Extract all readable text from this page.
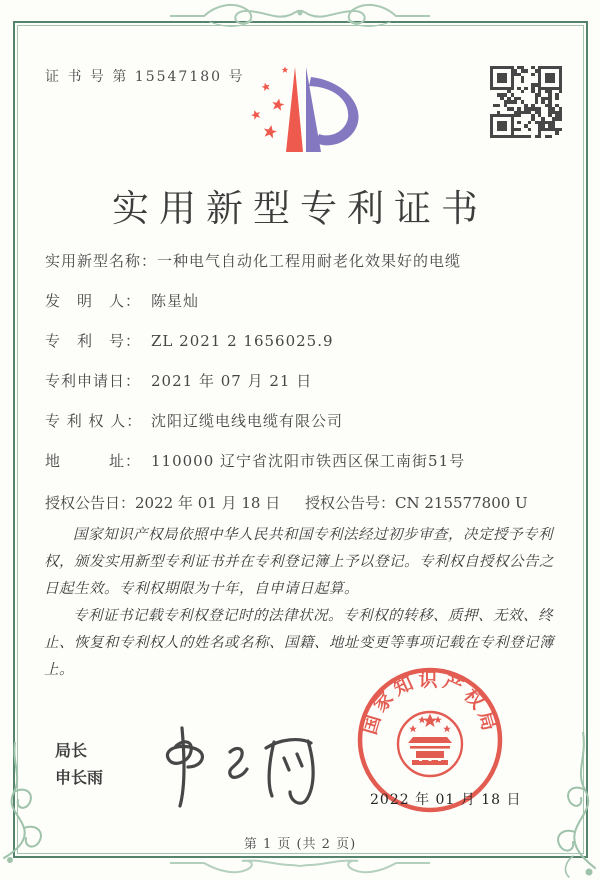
证 书 号 第 15547180 号
实用新型专利证书
实用新型名称：一种电气自动化工程用耐老化效果好的电缆
发　明　人： 陈星灿
专　利　号： ZL 2021 2 1656025.9
专利申请日： 2021 年 07 月 21 日
专 利 权 人： 沈阳辽缆电线电缆有限公司
地　　　址： 110000 辽宁省沈阳市铁西区保工南街51号
授权公告日：2022 年 01 月 18 日 授权公告号：CN 215577800 U

国家知识产权局依照中华人民共和国专利法经过初步审查，决定授予专利权，颁发实用新型专利证书并在专利登记簿上予以登记。专利权自授权公告之日起生效。专利权期限为十年，自申请日起算。

专利证书记载专利权登记时的法律状况。专利权的转移、质押、无效、终止、恢复和专利权人的姓名或名称、国籍、地址变更等事项记载在专利登记簿上。

局长
申长雨
国家知识产权局
2022 年 01 月 18 日
第 1 页 (共 2 页)
